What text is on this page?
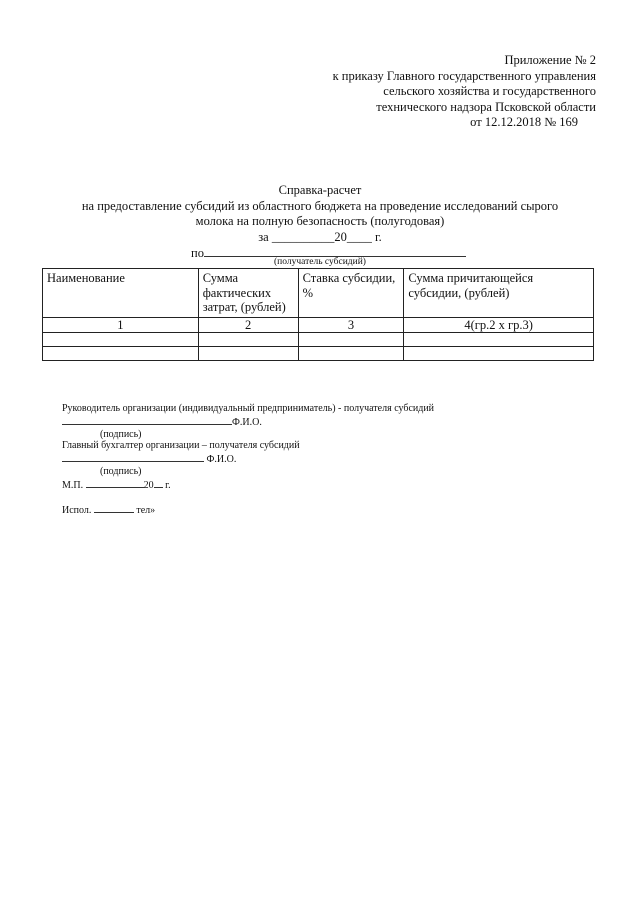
Приложение № 2
к приказу Главного государственного управления
сельского хозяйства и государственного
технического надзора Псковской области
от 12.12.2018 № 169
Справка-расчет
на предоставление субсидий из областного бюджета на проведение исследований сырого
молока на полную безопасность (полугодовая)
за __________20____ г.
по
(получатель субсидий)
Наименование	Сумма фактических затрат, (рублей)	Ставка субсидии, %	Сумма причитающейся субсидии, (рублей)
1	2	3	4(гр.2 х гр.3)

Руководитель организации (индивидуальный предприниматель) - получателя субсидий
Ф.И.О.
(подпись)
Главный бухгалтер организации – получателя субсидий
Ф.И.О.
(подпись)
М.П.	20 г.
Испол.	тел»
